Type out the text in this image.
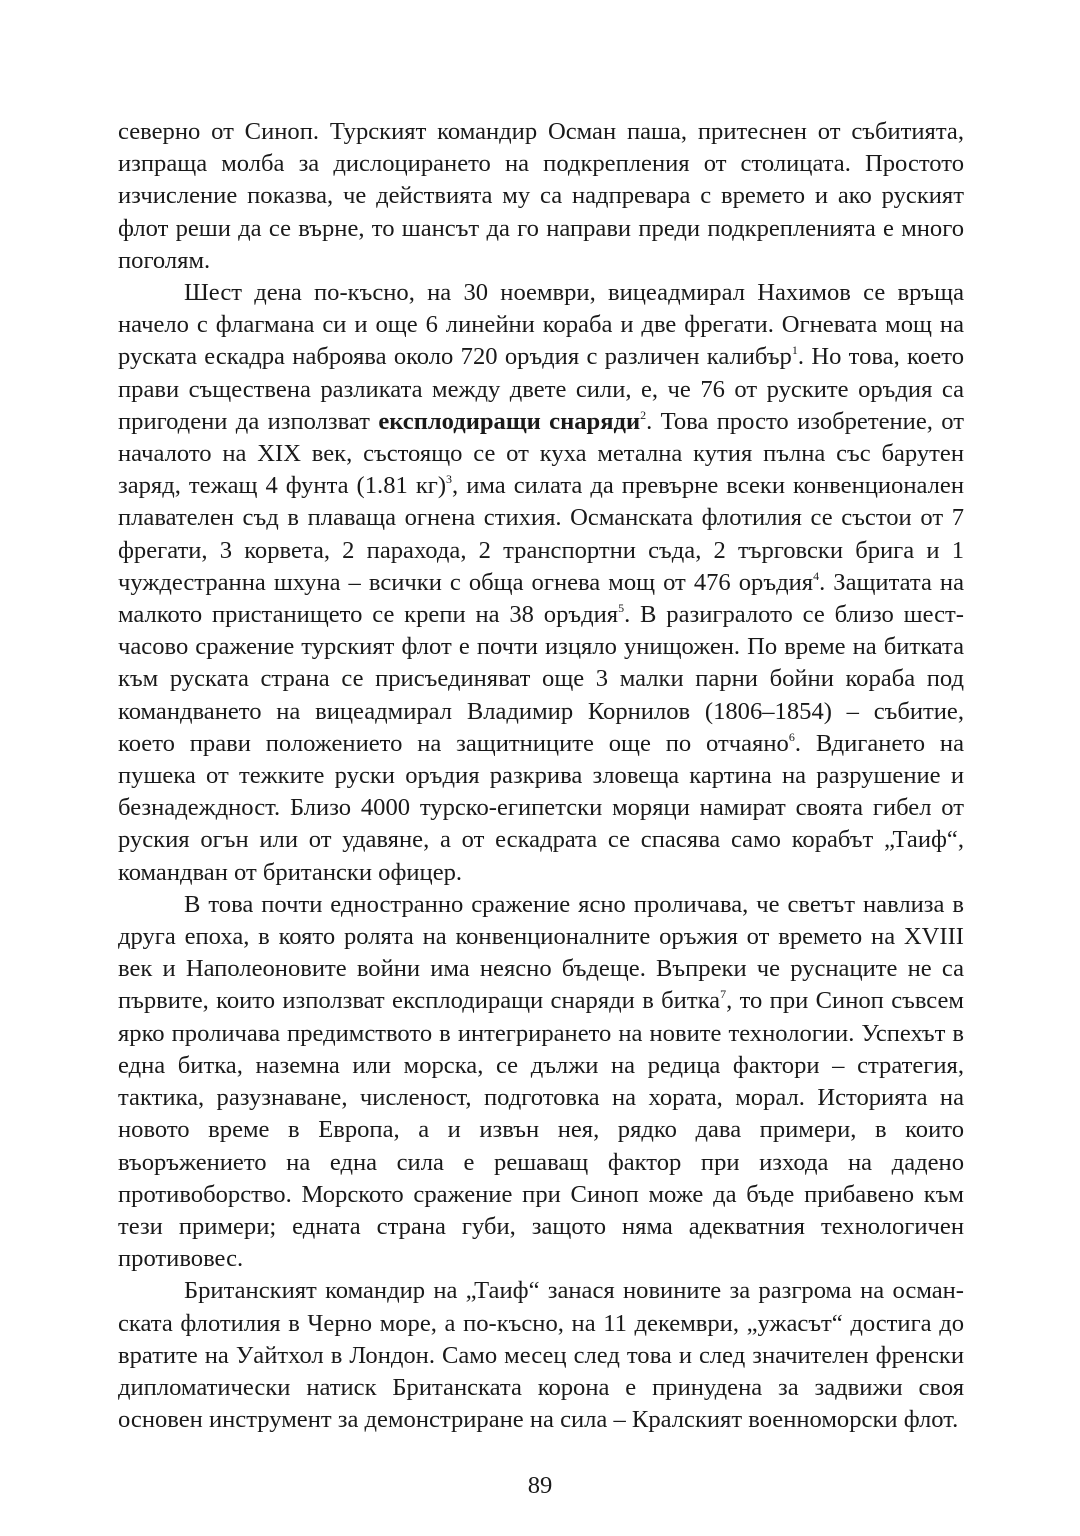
северно от Синоп. Турският командир Осман паша, притеснен от събитията, изпраща молба за дислоцирането на подкрепления от столицата. Простото изчисление показва, че действията му са надпревара с времето и ако руският флот реши да се върне, то шансът да го направи преди подкрепленията е много поголям.

Шест дена по-късно, на 30 ноември, вицеадмирал Нахимов се връща начело с флагмана си и още 6 линейни кораба и две фрегати. Огневата мощ на руската ескадра наброява около 720 оръдия с различен калибър$^1$. Но това, което прави съществена разликата между двете сили, е, че 76 от руските оръдия са пригодени да използват експлодиращи снаряди$^2$. Това просто изобретение, от началото на XIX век, състоящо се от куха метална кутия пълна със барутен заряд, тежащ 4 фунта (1.81 кг)$^3$, има силата да превърне всеки конвенционален плавателен съд в плаваща огнена стихия. Османската флотилия се състои от 7 фрегати, 3 корвета, 2 парахода, 2 транспортни съда, 2 търговски брига и 1 чуждестранна шхуна – всички с обща огнева мощ от 476 оръдия$^4$. Защитата на малкото пристанището се крепи на 38 оръдия$^5$. В разигралото се близо шестчасово сражение турският флот е почти изцяло унищожен. По време на битката към руската страна се присъединяват още 3 малки парни бойни кораба под командването на вицеадмирал Владимир Корнилов (1806–1854) – събитие, което прави положението на защитниците още по отчаяно$^6$. Вдигането на пушека от тежките руски оръдия разкрива зловеща картина на разрушение и безнадеждност. Близо 4000 турско-египетски моряци намират своята гибел от руския огън или от удавяне, а от ескадрата се спасява само корабът „Таиф“, командван от британски офицер.

В това почти едностранно сражение ясно проличава, че светът навлиза в друга епоха, в която ролята на конвенционалните оръжия от времето на XVIII век и Наполеоновите войни има неясно бъдеще. Въпреки че руснаците не са първите, които използват експлодиращи снаряди в битка$^7$, то при Синоп съвсем ярко проличава предимството в интегрирането на новите технологии. Успехът в една битка, наземна или морска, се дължи на редица фактори – стратегия, тактика, разузнаване, численост, подготовка на хората, морал. Историята на новото време в Европа, а и извън нея, рядко дава примери, в които въоръжението на една сила е решаващ фактор при изхода на дадено противоборство. Морското сражение при Синоп може да бъде прибавено към тези примери; едната страна губи, защото няма адекватния технологичен противовес.

Британският командир на „Таиф“ занася новините за разгрома на османската флотилия в Черно море, а по-късно, на 11 декември, „ужасът“ достига до вратите на Уайтхол в Лондон. Само месец след това и след значителен френски дипломатически натиск Британската корона е принудена за задвижи своя основен инструмент за демонстриране на сила – Кралският военноморски флот.

89
